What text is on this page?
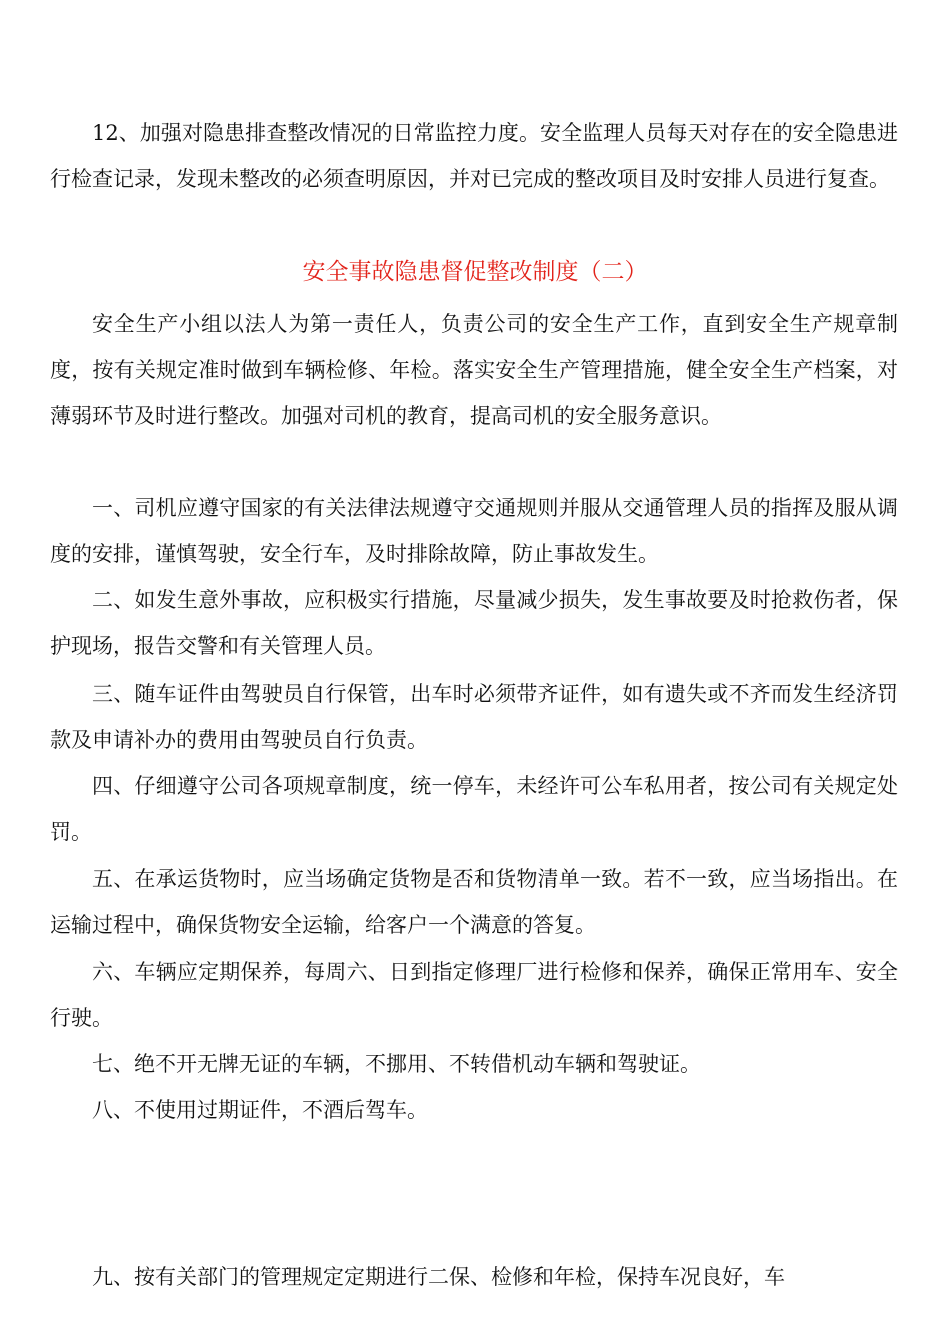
12、加强对隐患排查整改情况的日常监控力度。安全监理人员每天对存在的安全隐患进行检查记录，发现未整改的必须查明原因，并对已完成的整改项目及时安排人员进行复查。

安全事故隐患督促整改制度（二）

安全生产小组以法人为第一责任人，负责公司的安全生产工作，直到安全生产规章制度，按有关规定准时做到车辆检修、年检。落实安全生产管理措施，健全安全生产档案，对薄弱环节及时进行整改。加强对司机的教育，提高司机的安全服务意识。

一、司机应遵守国家的有关法律法规遵守交通规则并服从交通管理人员的指挥及服从调度的安排，谨慎驾驶，安全行车，及时排除故障，防止事故发生。

二、如发生意外事故，应积极实行措施，尽量减少损失，发生事故要及时抢救伤者，保护现场，报告交警和有关管理人员。

三、随车证件由驾驶员自行保管，出车时必须带齐证件，如有遗失或不齐而发生经济罚款及申请补办的费用由驾驶员自行负责。

四、仔细遵守公司各项规章制度，统一停车，未经许可公车私用者，按公司有关规定处罚。

五、在承运货物时，应当场确定货物是否和货物清单一致。若不一致，应当场指出。在运输过程中，确保货物安全运输，给客户一个满意的答复。

六、车辆应定期保养，每周六、日到指定修理厂进行检修和保养，确保正常用车、安全行驶。

七、绝不开无牌无证的车辆，不挪用、不转借机动车辆和驾驶证。

八、不使用过期证件，不酒后驾车。

九、按有关部门的管理规定定期进行二保、检修和年检，保持车况良好，车
